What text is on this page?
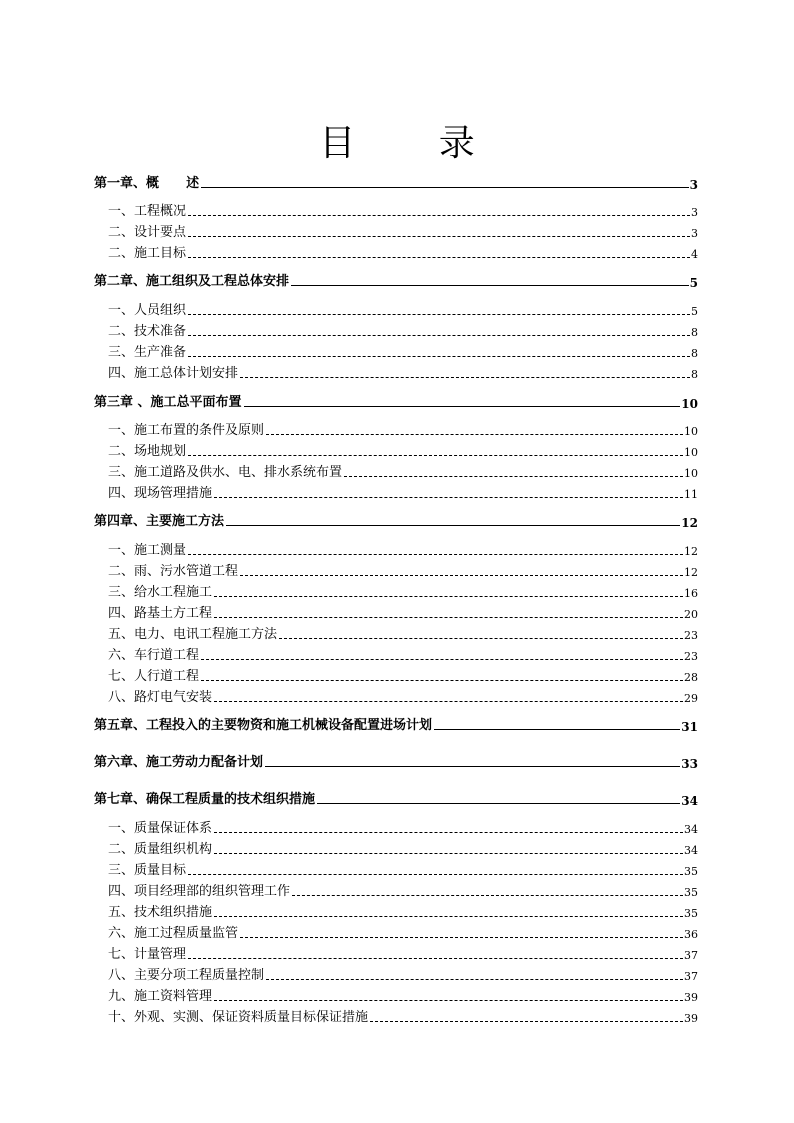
目 录
第一章、概      述	3
一、工程概况	3
二、设计要点	3
二、施工目标	4
第二章、施工组织及工程总体安排	5
一、人员组织	5
二、技术准备	8
三、生产准备	8
四、施工总体计划安排	8
第三章 、施工总平面布置	10
一、施工布置的条件及原则	10
二、场地规划	10
三、施工道路及供水、电、排水系统布置	10
四、现场管理措施	11
第四章、主要施工方法	12
一、施工测量	12
二、雨、污水管道工程	12
三、给水工程施工	16
四、路基土方工程	20
五、电力、电讯工程施工方法	23
六、车行道工程	23
七、人行道工程	28
八、路灯电气安装	29
第五章、工程投入的主要物资和施工机械设备配置进场计划	31
第六章、施工劳动力配备计划	33
第七章、确保工程质量的技术组织措施	34
一、质量保证体系	34
二、质量组织机构	34
三、质量目标	35
四、项目经理部的组织管理工作	35
五、技术组织措施	35
六、施工过程质量监管	36
七、计量管理	37
八、主要分项工程质量控制	37
九、施工资料管理	39
十、外观、实测、保证资料质量目标保证措施	39
